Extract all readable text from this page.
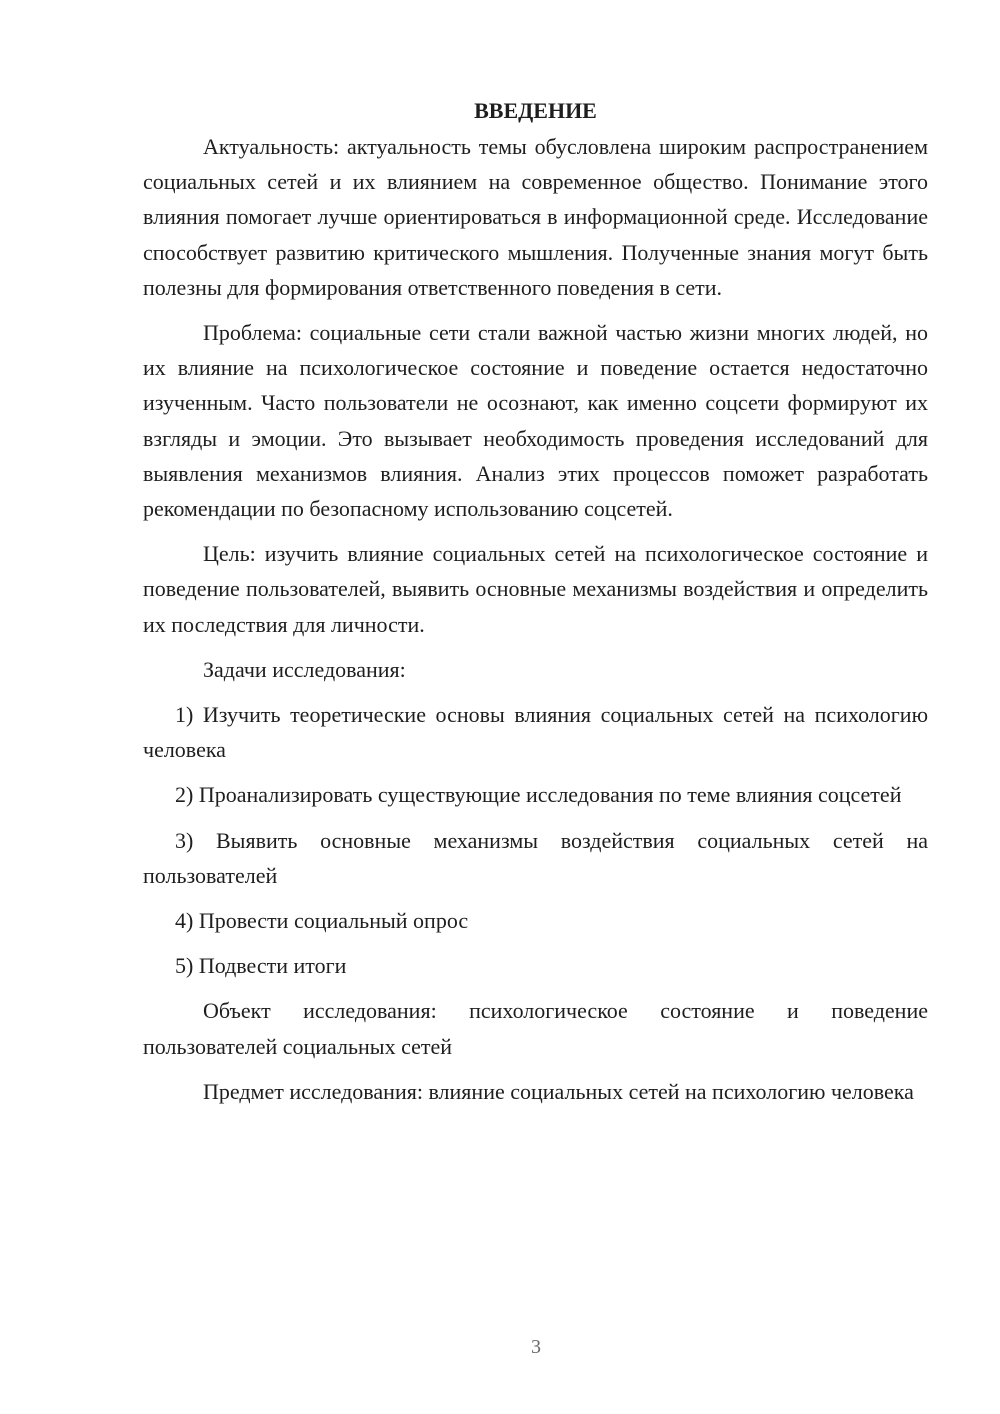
ВВЕДЕНИЕ

Актуальность: актуальность темы обусловлена широким распространением социальных сетей и их влиянием на современное общество. Понимание этого влияния помогает лучше ориентироваться в информационной среде. Исследование способствует развитию критического мышления. Полученные знания могут быть полезны для формирования ответственного поведения в сети.

Проблема: социальные сети стали важной частью жизни многих людей, но их влияние на психологическое состояние и поведение остается недостаточно изученным. Часто пользователи не осознают, как именно соцсети формируют их взгляды и эмоции. Это вызывает необходимость проведения исследований для выявления механизмов влияния. Анализ этих процессов поможет разработать рекомендации по безопасному использованию соцсетей.

Цель: изучить влияние социальных сетей на психологическое состояние и поведение пользователей, выявить основные механизмы воздействия и определить их последствия для личности.

Задачи исследования:

1) Изучить теоретические основы влияния социальных сетей на психологию человека

2) Проанализировать существующие исследования по теме влияния соцсетей

3) Выявить основные механизмы воздействия социальных сетей на пользователей

4) Провести социальный опрос

5) Подвести итоги

Объект исследования: психологическое состояние и поведение пользователей социальных сетей

Предмет исследования: влияние социальных сетей на психологию человека

3
